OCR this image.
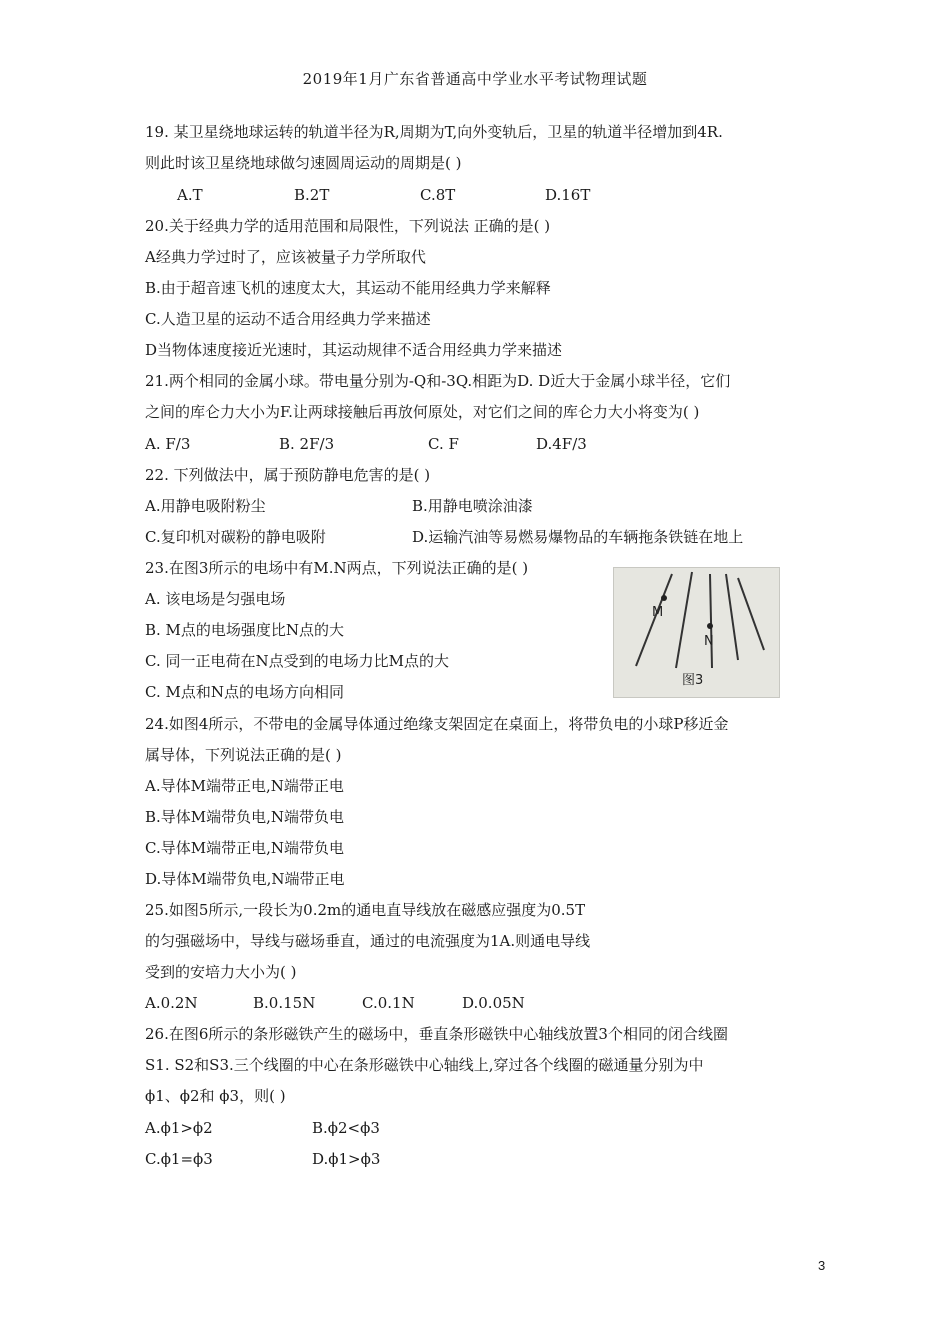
2019年1月广东省普通高中学业水平考试物理试题
19. 某卫星绕地球运转的轨道半径为R,周期为T,向外变轨后，卫星的轨道半径增加到4R.
则此时该卫星绕地球做匀速圆周运动的周期是( )
A.T	B.2T	C.8T	D.16T
20.关于经典力学的适用范围和局限性，下列说法 正确的是( )
A经典力学过时了，应该被量子力学所取代
B.由于超音速飞机的速度太大，其运动不能用经典力学来解释
C.人造卫星的运动不适合用经典力学来描述
D当物体速度接近光速时，其运动规律不适合用经典力学来描述
21.两个相同的金属小球。带电量分别为-Q和-3Q.相距为D. D近大于金属小球半径，它们
之间的库仑力大小为F.让两球接触后再放何原处，对它们之间的库仑力大小将变为( )
A. F/3	B. 2F/3	C. F	D.4F/3
22. 下列做法中，属于预防静电危害的是( )
A.用静电吸附粉尘	B.用静电喷涂油漆
C.复印机对碳粉的静电吸附	D.运输汽油等易燃易爆物品的车辆拖条铁链在地上
23.在图3所示的电场中有M.N两点，下列说法正确的是( )
A. 该电场是匀强电场
B. M点的电场强度比N点的大
C. 同一正电荷在N点受到的电场力比M点的大
C. M点和N点的电场方向相同
M
N
图3
24.如图4所示，不带电的金属导体通过绝缘支架固定在桌面上，将带负电的小球P移近金
属导体，下列说法正确的是( )
A.导体M端带正电,N端带正电
B.导体M端带负电,N端带负电
C.导体M端带正电,N端带负电
D.导体M端带负电,N端带正电
25.如图5所示,一段长为0.2m的通电直导线放在磁感应强度为0.5T
的匀强磁场中，导线与磁场垂直，通过的电流强度为1A.则通电导线
受到的安培力大小为( )
A.0.2N	B.0.15N	C.0.1N	D.0.05N
26.在图6所示的条形磁铁产生的磁场中，垂直条形磁铁中心轴线放置3个相同的闭合线圈
S1. S2和S3.三个线圈的中心在条形磁铁中心轴线上,穿过各个线圈的磁通量分别为中
ϕ1、ϕ2和 ϕ3，则( )
A.ϕ1>ϕ2	B.ϕ2<ϕ3
C.ϕ1=ϕ3	D.ϕ1>ϕ3
3
